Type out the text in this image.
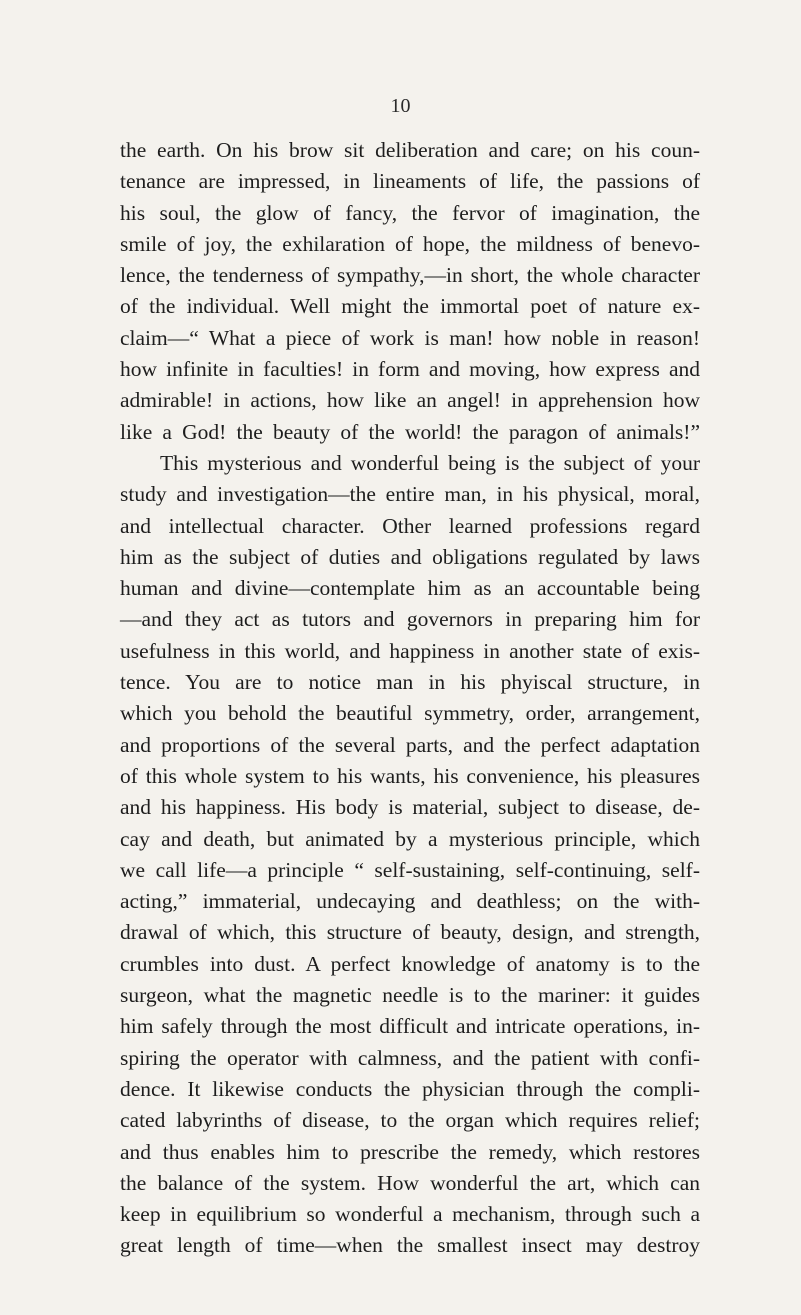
10
the earth. On his brow sit deliberation and care; on his coun-
tenance are impressed, in lineaments of life, the passions of
his soul, the glow of fancy, the fervor of imagination, the
smile of joy, the exhilaration of hope, the mildness of benevo-
lence, the tenderness of sympathy,—in short, the whole character
of the individual. Well might the immortal poet of nature ex-
claim—“ What a piece of work is man! how noble in reason!
how infinite in faculties! in form and moving, how express and
admirable! in actions, how like an angel! in apprehension how
like a God! the beauty of the world! the paragon of animals!”
This mysterious and wonderful being is the subject of your
study and investigation—the entire man, in his physical, moral,
and intellectual character. Other learned professions regard
him as the subject of duties and obligations regulated by laws
human and divine—contemplate him as an accountable being
—and they act as tutors and governors in preparing him for
usefulness in this world, and happiness in another state of exis-
tence. You are to notice man in his phyiscal structure, in
which you behold the beautiful symmetry, order, arrangement,
and proportions of the several parts, and the perfect adaptation
of this whole system to his wants, his convenience, his pleasures
and his happiness. His body is material, subject to disease, de-
cay and death, but animated by a mysterious principle, which
we call life—a principle “ self-sustaining, self-continuing, self-
acting,” immaterial, undecaying and deathless; on the with-
drawal of which, this structure of beauty, design, and strength,
crumbles into dust. A perfect knowledge of anatomy is to the
surgeon, what the magnetic needle is to the mariner: it guides
him safely through the most difficult and intricate operations, in-
spiring the operator with calmness, and the patient with confi-
dence. It likewise conducts the physician through the compli-
cated labyrinths of disease, to the organ which requires relief;
and thus enables him to prescribe the remedy, which restores
the balance of the system. How wonderful the art, which can
keep in equilibrium so wonderful a mechanism, through such a
great length of time—when the smallest insect may destroy
